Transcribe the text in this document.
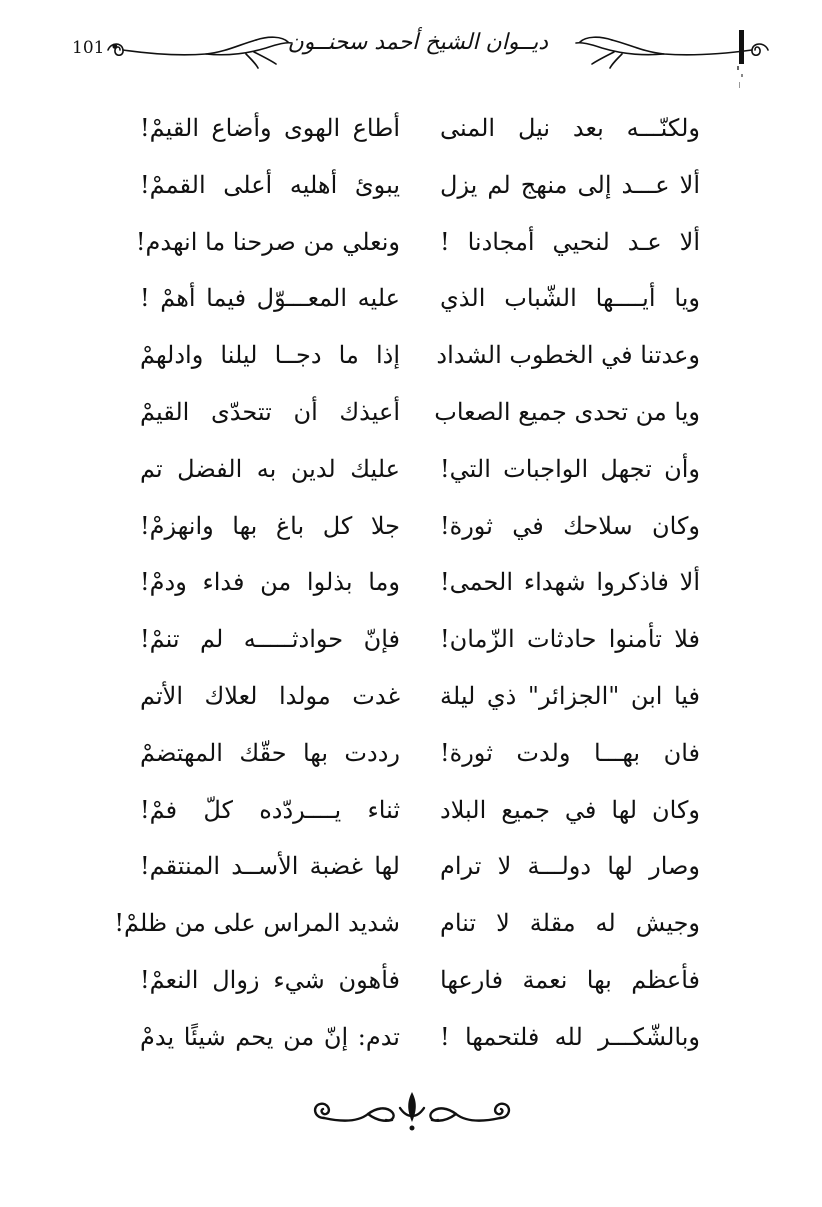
101 •	ديــوان الشيخ أحمد سحنــون
ولكنّـــه بعد نيل المنى
أطاع الهوى وأضاع القيمْ!
ألا عـــد إلى منهج لم يزل
يبوئ أهليه أعلى القممْ!
ألا عـد لنحيي أمجادنا !
ونعلي من صرحنا ما انهدم!
ويا أيــــها الشّباب الذي
عليه المعـــوّل فيما أهمْ !
وعدتنا في الخطوب الشداد
إذا ما دجــا ليلنا وادلهمْ
ويا من تحدى جميع الصعاب
أعيذك أن تتحدّى القيمْ
وأن تجهل الواجبات التي!
عليك لدين به الفضل تم
وكان سلاحك في ثورة!
جلا كل باغ بها وانهزمْ!
ألا فاذكروا شهداء الحمى!
وما بذلوا من فداء ودمْ!
فلا تأمنوا حادثات الزّمان!
فإنّ حوادثـــــه لم تنمْ!
فيا ابن "الجزائر" ذي ليلة
غدت مولدا لعلاك الأتم
فان بهـــا ولدت ثورة!
رددت بها حقّك المهتضمْ
وكان لها في جميع البلاد
ثناء يــــردّده كلّ فمْ!
وصار لها دولـــة لا ترام
لها غضبة الأســد المنتقم!
وجيش له مقلة لا تنام
شديد المراس على من ظلمْ!
فأعظم بها نعمة فارعها
فأهون شيء زوال النعمْ!
وبالشّكـــر لله فلتحمها !
تدم: إنّ من يحم شيئًا يدمْ
